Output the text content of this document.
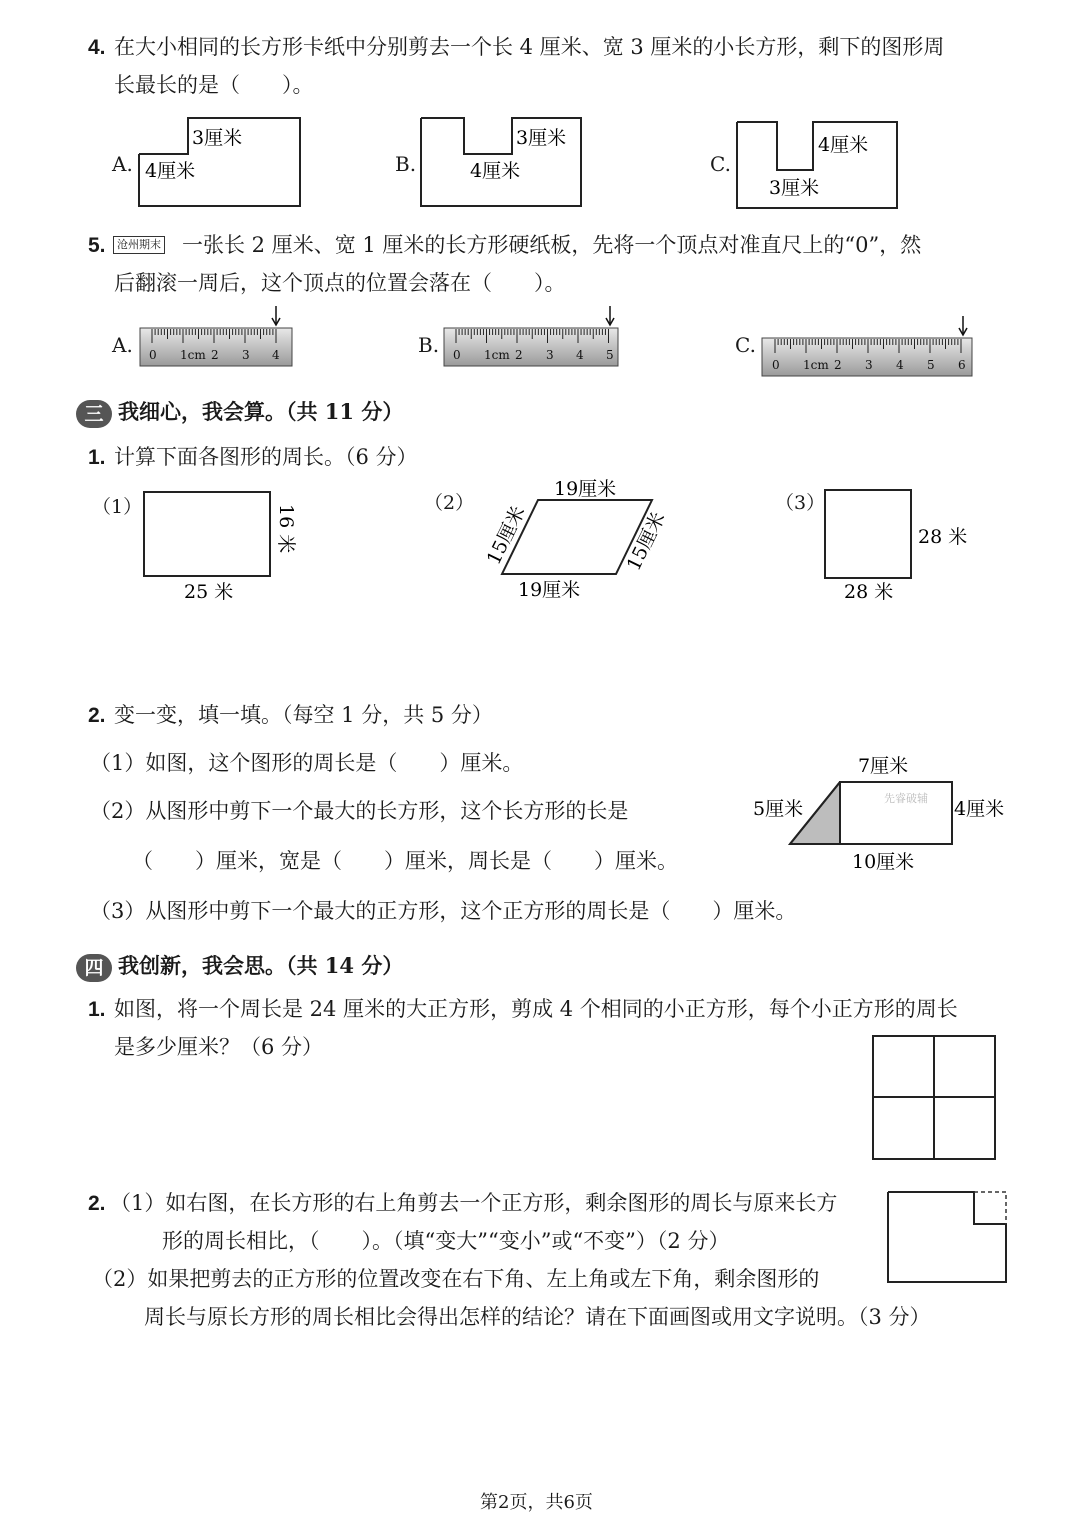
4. 在大小相同的长方形卡纸中分别剪去一个长 4 厘米、宽 3 厘米的小长方形，剩下的图形周
长最长的是（　　）。
A.
3厘米
4厘米	B.
3厘米
4厘米	C.
4厘米
3厘米
5.	沧州期末 一张长 2 厘米、宽 1 厘米的长方形硬纸板，先将一个顶点对准直尺上的“0”，然
后翻滚一周后，这个顶点的位置会落在（　　）。
A. 0 1cm 2 3 4	B. 0 1cm 2 3 4 5	C.
0 1cm 2 3 4 5 6
三 我细心，我会算。（共 11 分）
1. 计算下面各图形的周长。（6 分）
（1）
25 米
16 米
（2）
19厘米
19厘米
15厘米	15厘米
（3）
28 米
28 米
2. 变一变，填一填。（每空 1 分，共 5 分）
（1）如图，这个图形的周长是（　　）厘米。
（2）从图形中剪下一个最大的长方形，这个长方形的长是
（　　）厘米，宽是（　　）厘米，周长是（　　）厘米。
（3）从图形中剪下一个最大的正方形，这个正方形的周长是（　　）厘米。
7厘米
5厘米	4厘米
10厘米
先睿破辅
四 我创新，我会思。（共 14 分）
1. 如图，将一个周长是 24 厘米的大正方形，剪成 4 个相同的小正方形，每个小正方形的周长
是多少厘米？（6 分）
2. （1）如右图，在长方形的右上角剪去一个正方形，剩余图形的周长与原来长方
形的周长相比，（　　）。（填“变大”“变小”或“不变”）（2 分）
（2）如果把剪去的正方形的位置改变在右下角、左上角或左下角，剩余图形的
周长与原长方形的周长相比会得出怎样的结论？请在下面画图或用文字说明。（3 分）
第2页，共6页
